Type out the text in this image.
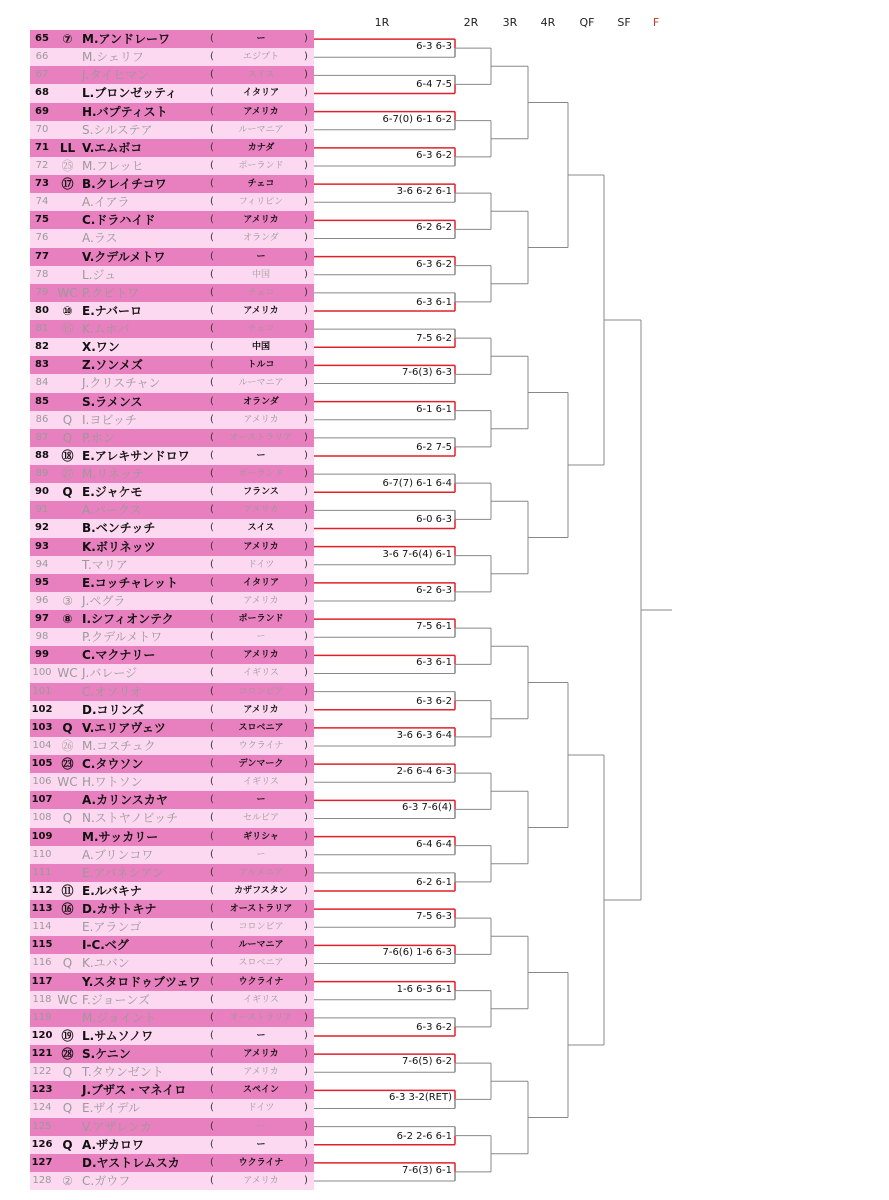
1R	2R 3R 4R QF SF F
65	⑦ M.アンドレーワ	(	ー	)
66	M.シェリフ	(	エジプト	)
67	J.タイヒマン	(	スイス	)
68	L.ブロンゼッティ	(	イタリア	)
69	H.バプティスト	(	アメリカ	)
70	S.シルステア	(	ルーマニア	)
71 LL V.エムボコ	(	カナダ	)
72	㉕ M.フレッヒ	(	ポーランド	)
73	⑰ B.クレイチコワ	(	チェコ	)
74	A.イアラ	(	フィリピン	)
75	C.ドラハイド	(	アメリカ	)
76	A.ラス	(	オランダ	)
77	V.クデルメトワ	(	ー	)
78	L.ジュ	(	中国	)
79 WC P.クビトワ	(	チェコ	)
80	⑩ E.ナバーロ	(	アメリカ	)
81	⑮ K.ムホバ	(	チェコ	)
82	X.ワン	(	中国	)
83	Z.ソンメズ	(	トルコ	)
84	J.クリスチャン	(	ルーマニア	)
85	S.ラメンス	(	オランダ	)
86	Q I.ヨビッチ	(	アメリカ	)
87	Q P.ホン	(	オーストラリア	)
88	⑱ E.アレキサンドロワ (	ー	)
89	㉗ M.リネッテ	(	ポーランド	)
90	Q E.ジャケモ	(	フランス	)
91	A.パークス	(	アメリカ	)
92	B.ベンチッチ	(	スイス	)
93	K.ボリネッツ	(	アメリカ	)
94	T.マリア	(	ドイツ	)
95	E.コッチャレット	(	イタリア	)
96	③ J.ペグラ	(	アメリカ	)
97	⑧ I.シフィオンテク	(	ポーランド	)
98	P.クデルメトワ	(	ー	)
99	C.マクナリー	(	アメリカ	)
100 WC J.バレージ	(	イギリス	)
101	C.オソリオ	(	コロンビア	)
102 D.コリンズ	(	アメリカ	)
103 Q V.エリアヴェツ	(	スロベニア	)
104 ㉖ M.コスチュク	(	ウクライナ	)
105 ㉓ C.タウソン	(	デンマーク	)
106 WC H.ワトソン	(	イギリス	)
107 A.カリンスカヤ	(	ー	)
108 Q N.ストヤノビッチ	(	セルビア	)
109 M.サッカリー	(	ギリシャ	)
110	A.ブリンコワ	(	ー	)
111	E.アバネシアン	(	アルメニア	)
112 ⑪ E.ルバキナ	(	カザフスタン	)
113 ⑯ D.カサトキナ	(	オーストラリア	)
114	E.アランゴ	(	コロンビア	)
115 I-C.ベグ	(	ルーマニア	)
116 Q K.ユバン	(	スロベニア	)
117 Y.スタロドゥブツェワ (	ウクライナ	)
118 WC F.ジョーンズ	(	イギリス	)
119	M.ジョイント	(	オーストラリア	)
120 ⑲ L.サムソノワ	(	ー	)
121 ㉘ S.ケニン	(	アメリカ	)
122 Q T.タウンゼント	(	アメリカ	)
123 J.ブザス・マネイロ (	スペイン	)
124 Q E.ザイデル	(	ドイツ	)
125	V.アザレンカ	(	ー	)
126 Q A.ザカロワ	(	ー	)
127 D.ヤストレムスカ	(	ウクライナ	)
128 ② C.ガウフ	(	アメリカ	)
6-3 6-3
6-4 7-5
6-7(0) 6-1 6-2
6-3 6-2
3-6 6-2 6-1
6-2 6-2
6-3 6-2
6-3 6-1
7-5 6-2
7-6(3) 6-3
6-1 6-1
6-2 7-5
6-7(7) 6-1 6-4
6-0 6-3
3-6 7-6(4) 6-1
6-2 6-3
7-5 6-1
6-3 6-1
6-3 6-2
3-6 6-3 6-4
2-6 6-4 6-3
6-3 7-6(4)
6-4 6-4
6-2 6-1
7-5 6-3
7-6(6) 1-6 6-3
1-6 6-3 6-1
6-3 6-2
7-6(5) 6-2
6-3 3-2(RET)
6-2 2-6 6-1
7-6(3) 6-1
